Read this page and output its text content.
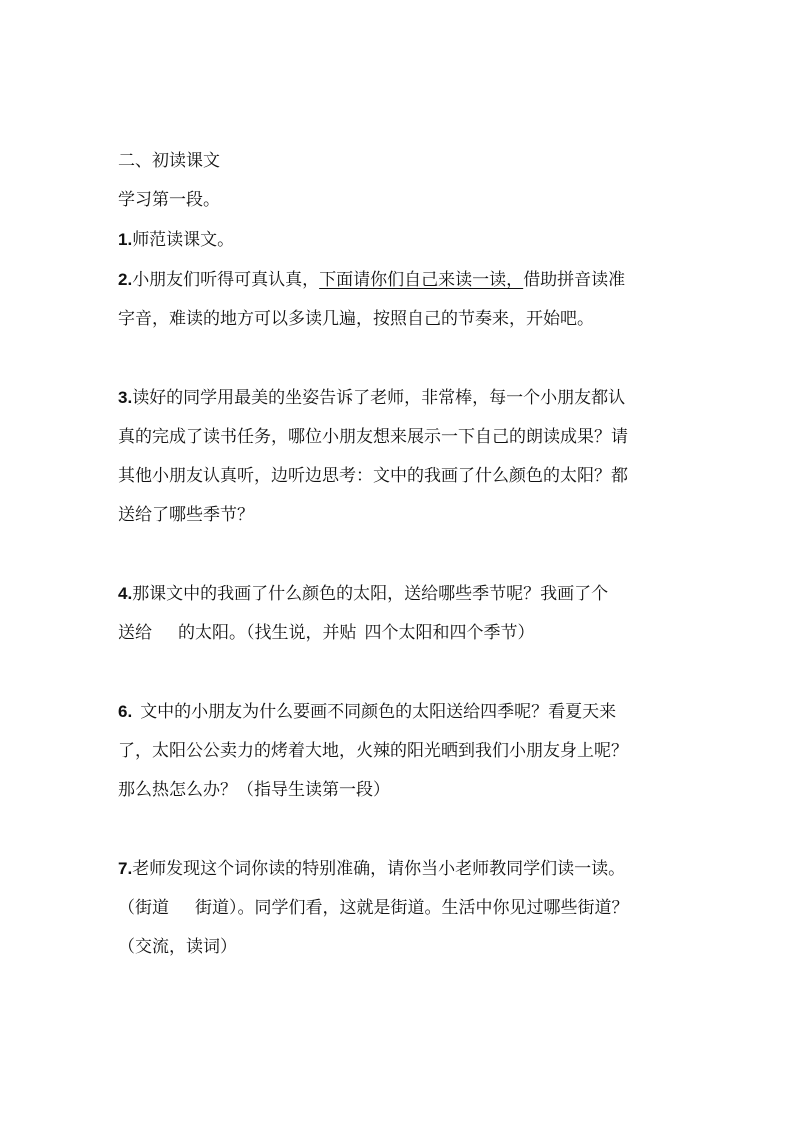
二、初读课文

学习第一段。

1.师范读课文。

2.小朋友们听得可真认真，下面请你们自己来读一读，借助拼音读准
字音，难读的地方可以多读几遍，按照自己的节奏来，开始吧。
3.读好的同学用最美的坐姿告诉了老师，非常棒，每一个小朋友都认
真的完成了读书任务，哪位小朋友想来展示一下自己的朗读成果？请
其他小朋友认真听，边听边思考：文中的我画了什么颜色的太阳？都
送给了哪些季节？
4.那课文中的我画了什么颜色的太阳，送给哪些季节呢？我画了个
送给 的太阳。（找生说，并贴 四个太阳和四个季节）
6. 文中的小朋友为什么要画不同颜色的太阳送给四季呢？看夏天来
了，太阳公公卖力的烤着大地，火辣的阳光晒到我们小朋友身上呢？
那么热怎么办？（指导生读第一段）
7.老师发现这个词你读的特别准确，请你当小老师教同学们读一读。
（街道 街道）。同学们看，这就是街道。生活中你见过哪些街道？
（交流，读词）
